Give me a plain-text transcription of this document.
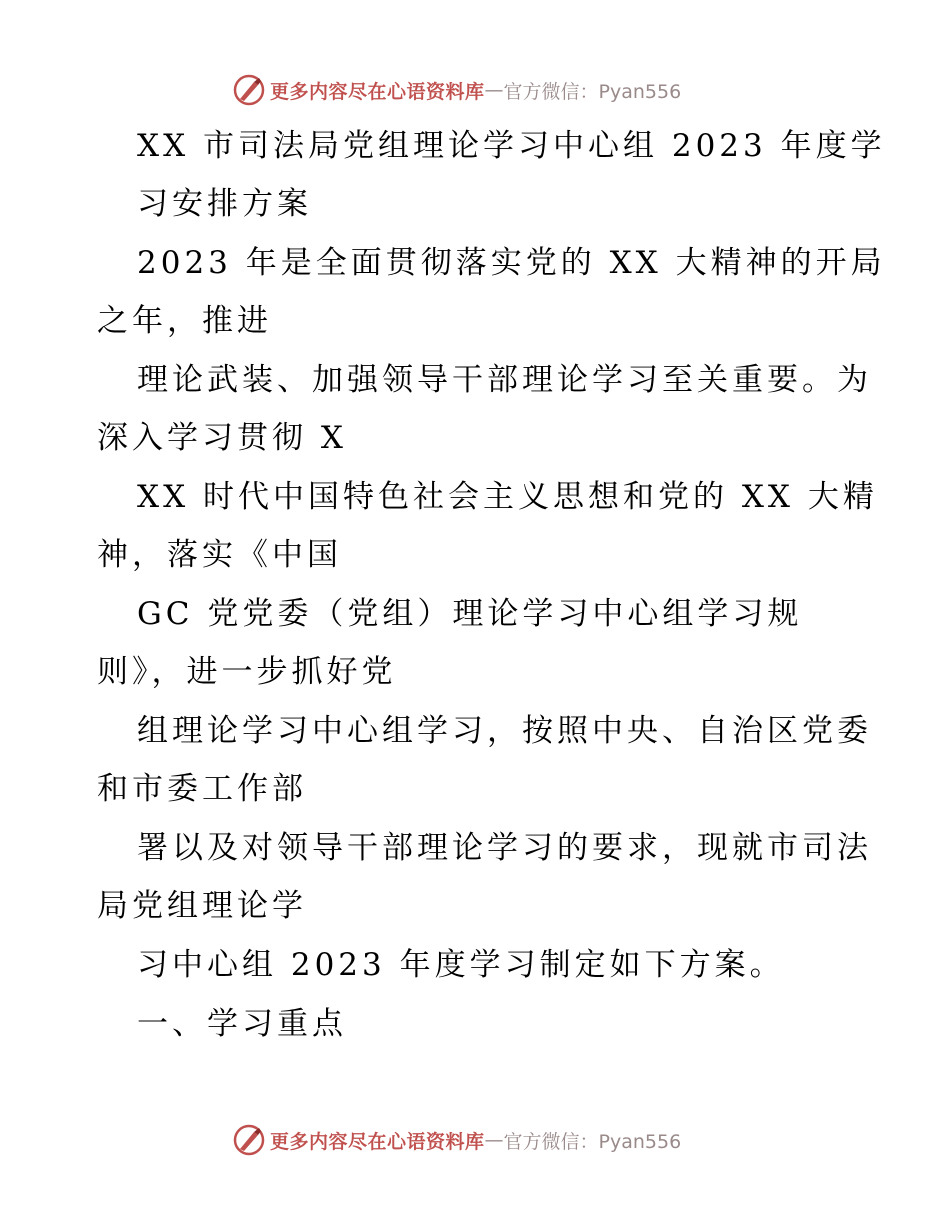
更多内容尽在心语资料库 — 官方微信：Pyan556
XX 市司法局党组理论学习中心组 2023 年度学
习安排方案
2023 年是全面贯彻落实党的 XX 大精神的开局
之年，推进
理论武装、加强领导干部理论学习至关重要。为
深入学习贯彻 X
XX 时代中国特色社会主义思想和党的 XX 大精
神，落实《中国
GC 党党委（党组）理论学习中心组学习规
则》，进一步抓好党
组理论学习中心组学习，按照中央、自治区党委
和市委工作部
署以及对领导干部理论学习的要求，现就市司法
局党组理论学
习中心组 2023 年度学习制定如下方案。
一、学习重点
更多内容尽在心语资料库 — 官方微信：Pyan556
